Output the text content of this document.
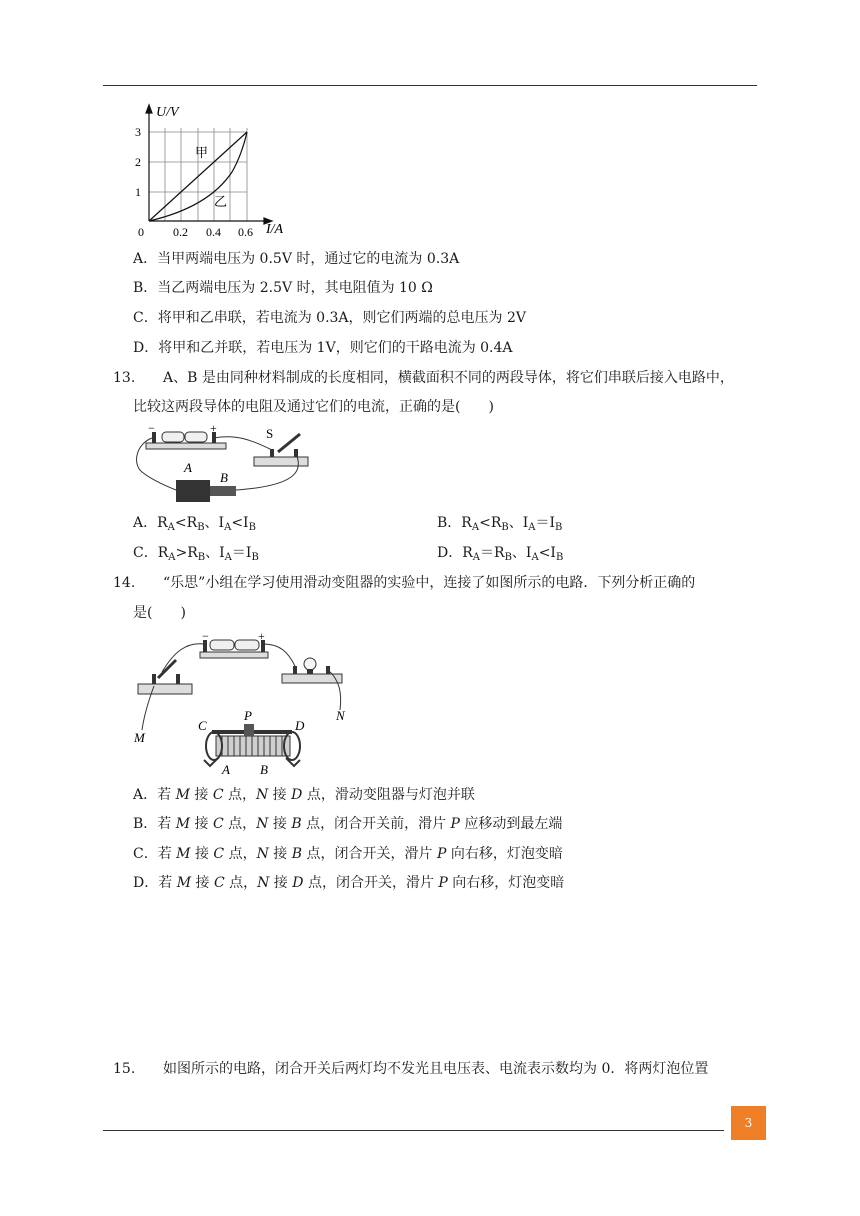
U/V
3
2
1
0 0.2 0.4 0.6 I/A
甲
乙
A．当甲两端电压为 0.5V 时，通过它的电流为 0.3A
B．当乙两端电压为 2.5V 时，其电阻值为 10 Ω
C．将甲和乙串联，若电流为 0.3A，则它们两端的总电压为 2V
D．将甲和乙并联，若电压为 1V，则它们的干路电流为 0.4A
13. A、B 是由同种材料制成的长度相同，横截面积不同的两段导体，将它们串联后接入电路中，
比较这两段导体的电阻及通过它们的电流，正确的是(　　)
−	+	S
A
B
A．$R_A<R_B$、$I_A<I_B$	B．$R_A<R_B$、$I_A=I_B$
C．$R_A>R_B$、$I_A=I_B$	D．$R_A=R_B$、$I_A<I_B$
14. “乐思”小组在学习使用滑动变阻器的实验中，连接了如图所示的电路．下列分析正确的
是(　　)
−	+
M
N
C
P
D
A B
A．若 M 接 C 点，N 接 D 点，滑动变阻器与灯泡并联
B．若 M 接 C 点，N 接 B 点，闭合开关前，滑片 P 应移动到最左端
C．若 M 接 C 点，N 接 B 点，闭合开关，滑片 P 向右移，灯泡变暗
D．若 M 接 C 点，N 接 D 点，闭合开关，滑片 P 向右移，灯泡变暗
15. 如图所示的电路，闭合开关后两灯均不发光且电压表、电流表示数均为 0．将两灯泡位置
3
